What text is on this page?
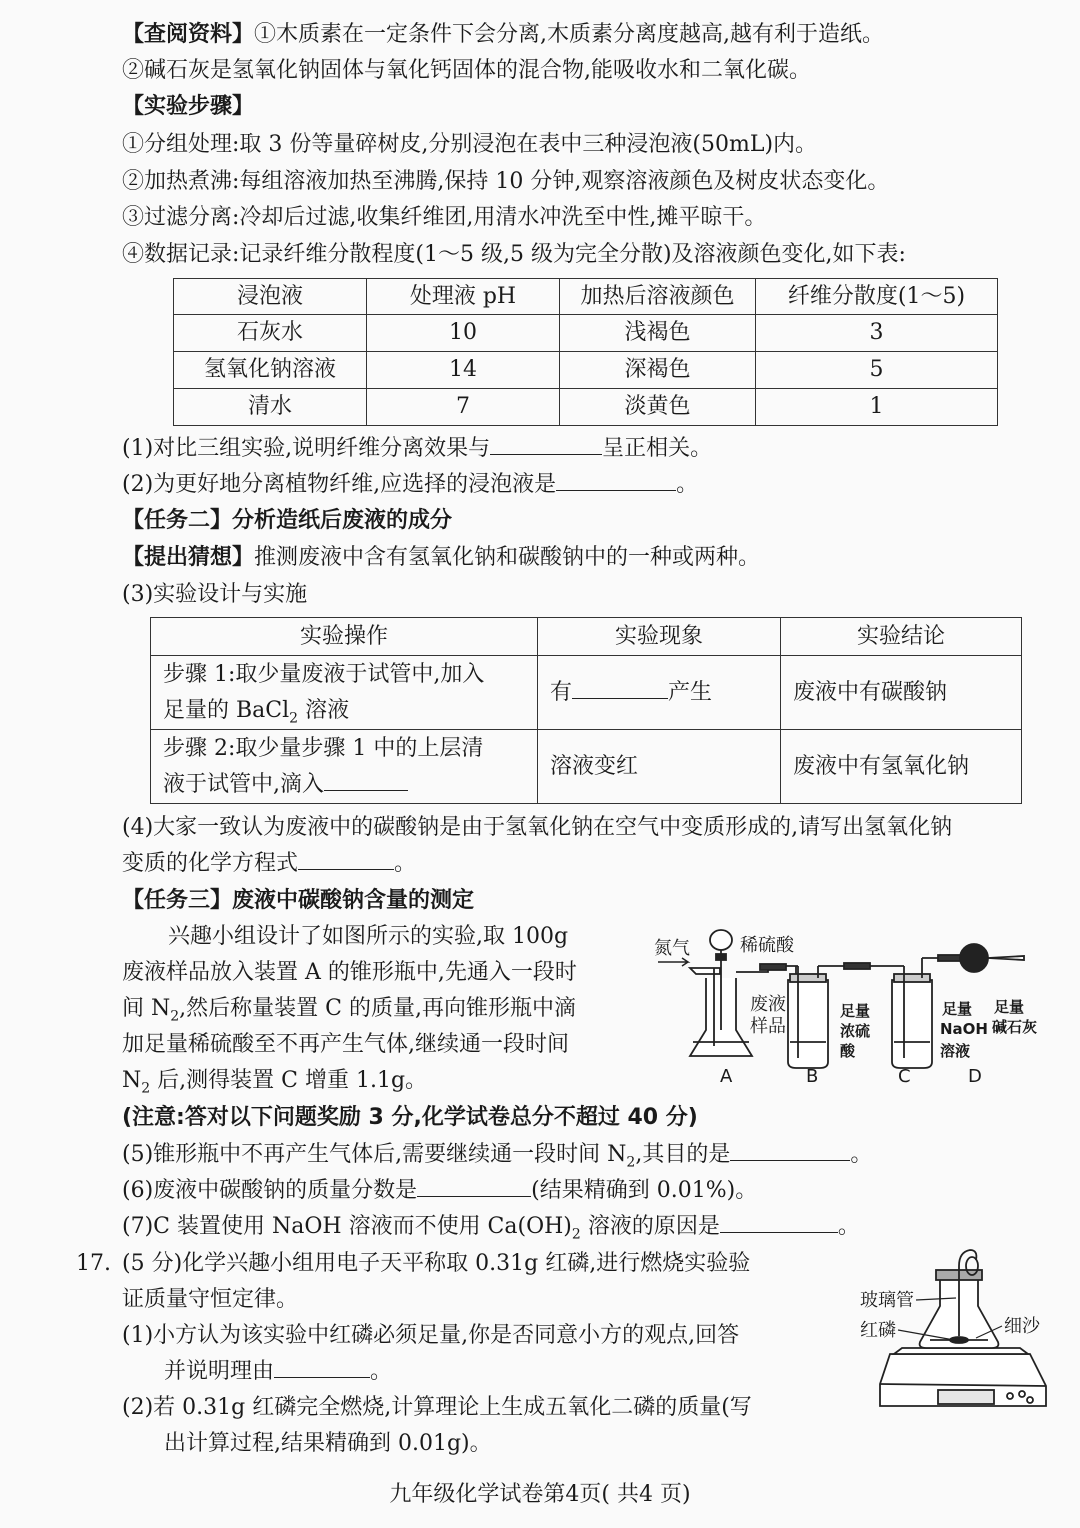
【查阅资料】①木质素在一定条件下会分离,木质素分离度越高,越有利于造纸。
②碱石灰是氢氧化钠固体与氧化钙固体的混合物,能吸收水和二氧化碳。
【实验步骤】
①分组处理:取 3 份等量碎树皮,分别浸泡在表中三种浸泡液(50mL)内。
②加热煮沸:每组溶液加热至沸腾,保持 10 分钟,观察溶液颜色及树皮状态变化。
③过滤分离:冷却后过滤,收集纤维团,用清水冲洗至中性,摊平晾干。
④数据记录:记录纤维分散程度(1～5 级,5 级为完全分散)及溶液颜色变化,如下表:
浸泡液	处理液 pH	加热后溶液颜色	纤维分散度(1～5)
石灰水	10	浅褐色	3
氢氧化钠溶液	14	深褐色	5
清水	7	淡黄色	1
(1)对比三组实验,说明纤维分离效果与	呈正相关。
(2)为更好地分离植物纤维,应选择的浸泡液是	。
【任务二】分析造纸后废液的成分
【提出猜想】推测废液中含有氢氧化钠和碳酸钠中的一种或两种。
(3)实验设计与实施
实验操作	实验现象	实验结论

步骤 1:取少量废液于试管中,加入
足量的 BaCl$_2$ 溶液	有 产生	废液中有碳酸钠

步骤 2:取少量步骤 1 中的上层清
液于试管中,滴入	溶液变红	废液中有氢氧化钠
(4)大家一致认为废液中的碳酸钠是由于氢氧化钠在空气中变质形成的,请写出氢氧化钠
变质的化学方程式	。
【任务三】废液中碳酸钠含量的测定
兴趣小组设计了如图所示的实验,取 100g
废液样品放入装置 A 的锥形瓶中,先通入一段时
间 $N_2$,然后称量装置 C 的质量,再向锥形瓶中滴
加足量稀硫酸至不再产生气体,继续通一段时间
$N_2$ 后,测得装置 C 增重 1.1g。
氮气	稀硫酸
废液
样品
足量
浓硫
酸
足量
NaOH
溶液
足量
碱石灰
A	B	C	D
(注意:答对以下问题奖励 3 分,化学试卷总分不超过 40 分)
(5)锥形瓶中不再产生气体后,需要继续通一段时间 $N_2$,其目的是	。
(6)废液中碳酸钠的质量分数是	(结果精确到 0.01%)。
(7)C 装置使用 NaOH 溶液而不使用 $Ca(OH)_2$ 溶液的原因是	。
17. (5 分)化学兴趣小组用电子天平称取 0.31g 红磷,进行燃烧实验验
证质量守恒定律。
(1)小方认为该实验中红磷必须足量,你是否同意小方的观点,回答
并说明理由	。
(2)若 0.31g 红磷完全燃烧,计算理论上生成五氧化二磷的质量(写
出计算过程,结果精确到 0.01g)。
玻璃管
红磷	细沙
九年级化学试卷第4页( 共4 页)
